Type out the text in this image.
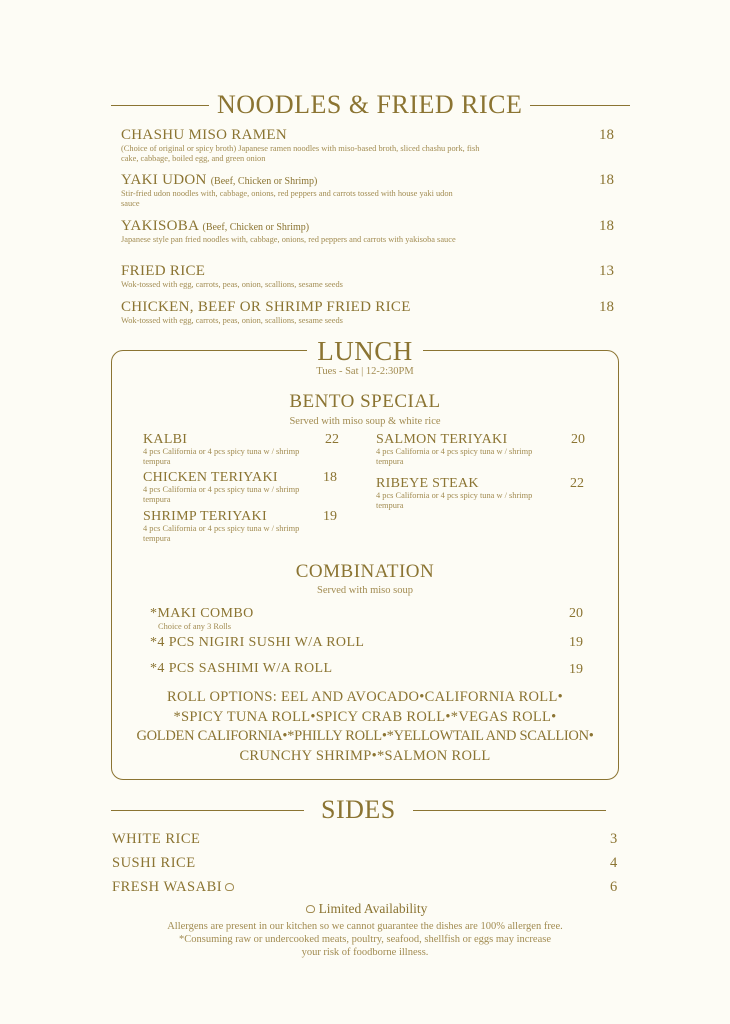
NOODLES & FRIED RICE
CHASHU MISO RAMEN
(Choice of original or spicy broth) Japanese ramen noodles with miso-based broth, sliced chashu pork, fish cake, cabbage, boiled egg, and green onion
18
YAKI UDON (Beef, Chicken or Shrimp)
Stir-fried udon noodles with, cabbage, onions, red peppers and carrots tossed with house yaki udon sauce
18
YAKISOBA (Beef, Chicken or Shrimp)
Japanese style pan fried noodles with, cabbage, onions, red peppers and carrots with yakisoba sauce
18
FRIED RICE
Wok-tossed with egg, carrots, peas, onion, scallions, sesame seeds
13
CHICKEN, BEEF OR SHRIMP FRIED RICE
Wok-tossed with egg, carrots, peas, onion, scallions, sesame seeds
18
LUNCH
Tues - Sat | 12-2:30PM
BENTO SPECIAL
Served with miso soup & white rice
KALBI
4 pcs California or 4 pcs spicy tuna w / shrimp tempura
22
CHICKEN TERIYAKI
4 pcs California or 4 pcs spicy tuna w / shrimp tempura
18
SHRIMP TERIYAKI
4 pcs California or 4 pcs spicy tuna w / shrimp tempura
19
SALMON TERIYAKI
4 pcs California or 4 pcs spicy tuna w / shrimp tempura
20
RIBEYE STEAK
4 pcs California or 4 pcs spicy tuna w / shrimp tempura
22
COMBINATION
Served with miso soup
*MAKI COMBO
Choice of any 3 Rolls
20
*4 PCS NIGIRI SUSHI W/A ROLL	19
*4 PCS SASHIMI W/A ROLL	19
ROLL OPTIONS: EEL AND AVOCADO•CALIFORNIA ROLL•
*SPICY TUNA ROLL•SPICY CRAB ROLL•*VEGAS ROLL•
GOLDEN CALIFORNIA•*PHILLY ROLL•*YELLOWTAIL AND SCALLION•
CRUNCHY SHRIMP•*SALMON ROLL
SIDES
WHITE RICE	3
SUSHI RICE	4
FRESH WASABI	6
Limited Availability
Allergens are present in our kitchen so we cannot guarantee the dishes are 100% allergen free.
*Consuming raw or undercooked meats, poultry, seafood, shellfish or eggs may increase
your risk of foodborne illness.
